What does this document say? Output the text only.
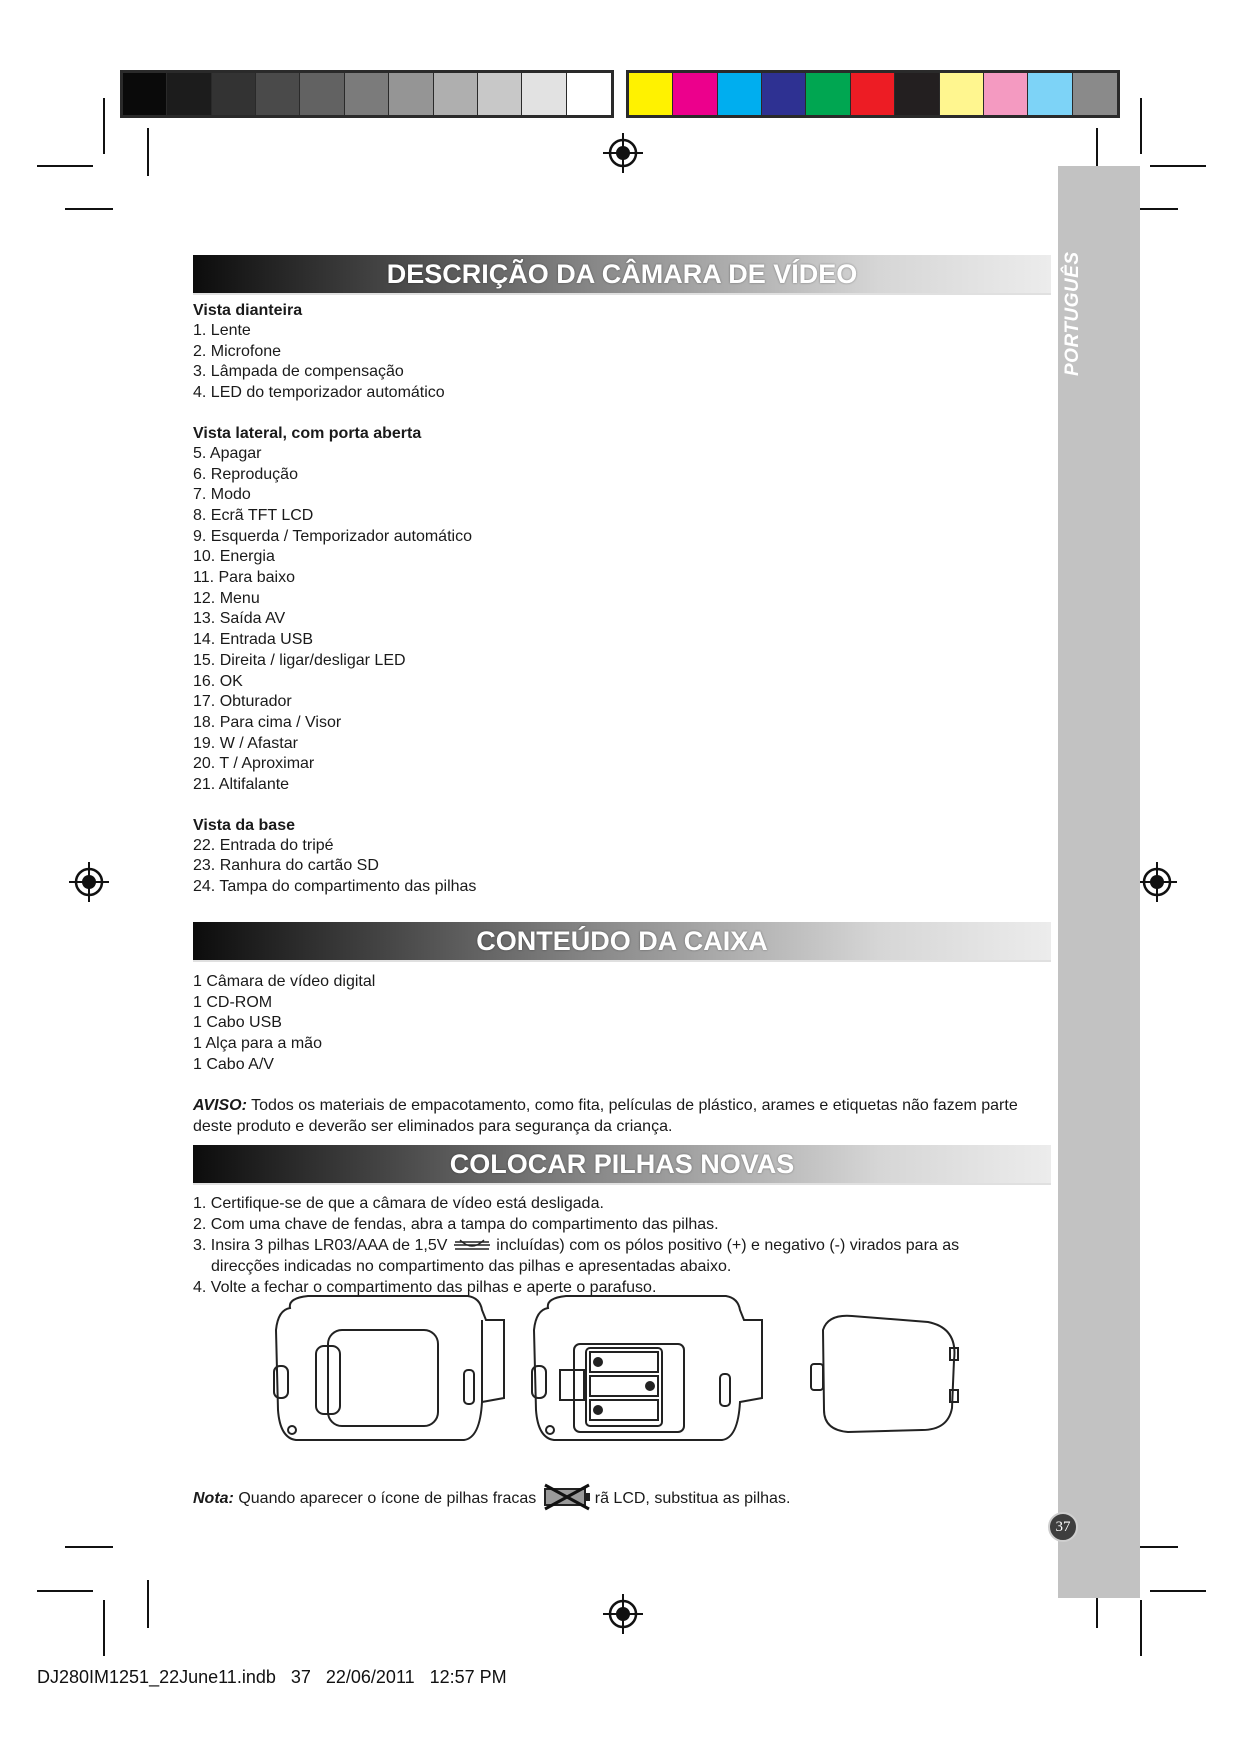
PORTUGUÊS
DESCRIÇÃO DA CÂMARA DE VÍDEO

Vista dianteira

1. Lente
2. Microfone
3. Lâmpada de compensação
4. LED do temporizador automático

Vista lateral, com porta aberta

5. Apagar
6. Reprodução
7. Modo
8. Ecrã TFT LCD
9. Esquerda / Temporizador automático
10. Energia
11. Para baixo
12. Menu
13. Saída AV
14. Entrada USB
15. Direita / ligar/desligar LED
16. OK
17. Obturador
18. Para cima / Visor
19. W / Afastar
20. T / Aproximar
21. Altifalante

Vista da base

22. Entrada do tripé
23. Ranhura do cartão SD
24. Tampa do compartimento das pilhas
CONTEÚDO DA CAIXA
1 Câmara de vídeo digital
1 CD-ROM
1 Cabo USB
1 Alça para a mão
1 Cabo A/V

AVISO: Todos os materiais de empacotamento, como fita, películas de plástico, arames e etiquetas não fazem parte deste produto e deverão ser eliminados para segurança da criança.

COLOCAR PILHAS NOVAS
1. Certifique-se de que a câmara de vídeo está desligada.
2. Com uma chave de fendas, abra a tampa do compartimento das pilhas.
3. Insira 3 pilhas LR03/AAA de 1,5V	incluídas) com os pólos positivo (+) e negativo (-) virados para as
direcções indicadas no compartimento das pilhas e apresentadas abaixo.
4. Volte a fechar o compartimento das pilhas e aperte o parafuso.

Nota: Quando aparecer o ícone de pilhas fracas	rã LCD, substitua as pilhas.

37
DJ280IM1251_22June11.indb   37   22/06/2011   12:57 PM
